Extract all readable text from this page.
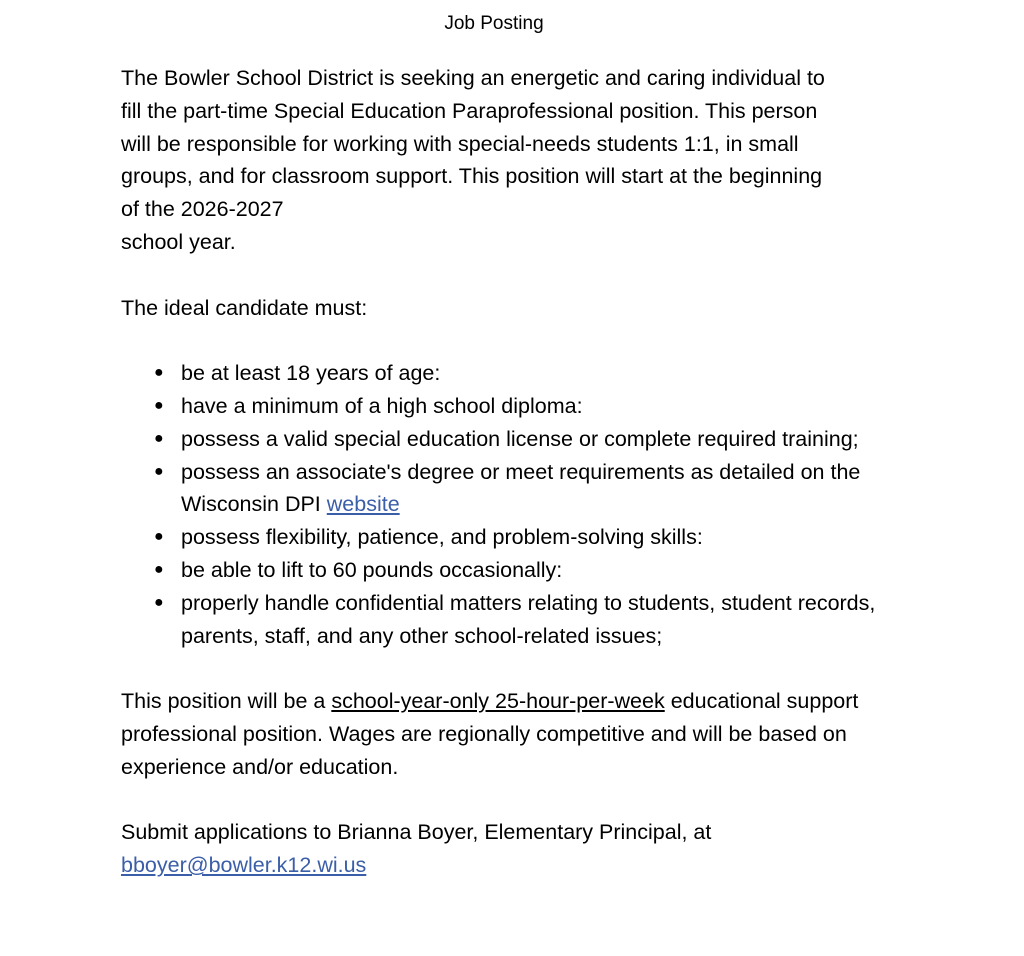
Job Posting

The Bowler School District is seeking an energetic and caring individual to
fill the part-time Special Education Paraprofessional position. This person
will be responsible for working with special-needs students 1:1, in small
groups, and for classroom support. This position will start at the beginning
of the 2026-2027
school year.

The ideal candidate must:

● be at least 18 years of age:
● have a minimum of a high school diploma:
● possess a valid special education license or complete required training;
● possess an associate's degree or meet requirements as detailed on the Wisconsin DPI website
● possess flexibility, patience, and problem-solving skills:
● be able to lift to 60 pounds occasionally:
● properly handle confidential matters relating to students, student records, parents, staff, and any other school-related issues;

This position will be a school-year-only 25-hour-per-week educational support professional position. Wages are regionally competitive and will be based on experience and/or education.

Submit applications to Brianna Boyer, Elementary Principal, at
bboyer@bowler.k12.wi.us
